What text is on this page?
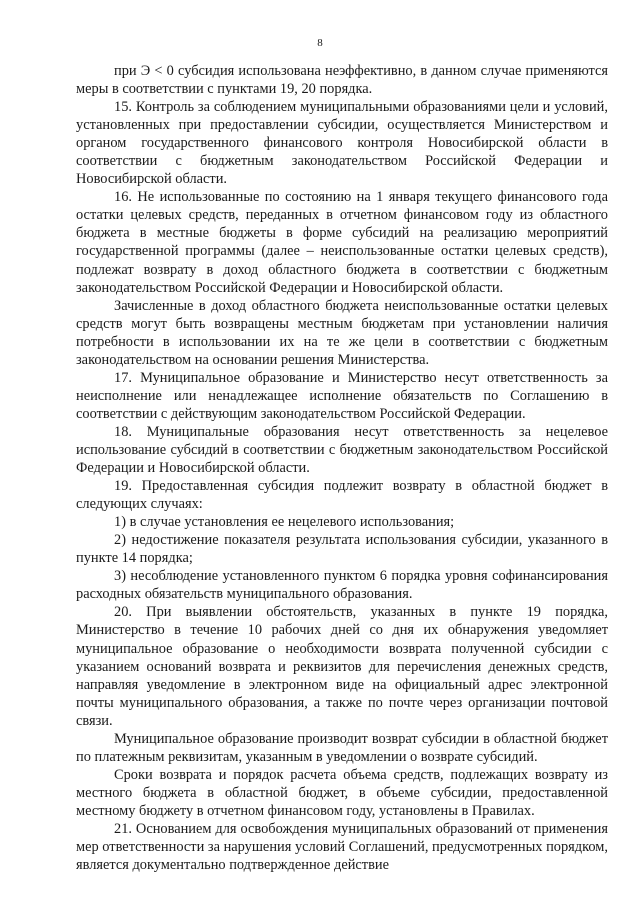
8

при Э < 0 субсидия использована неэффективно, в данном случае применяются меры в соответствии с пунктами 19, 20 порядка.

15. Контроль за соблюдением муниципальными образованиями цели и условий, установленных при предоставлении субсидии, осуществляется Министерством и органом государственного финансового контроля Новосибирской области в соответствии с бюджетным законодательством Российской Федерации и Новосибирской области.

16. Не использованные по состоянию на 1 января текущего финансового года остатки целевых средств, переданных в отчетном финансовом году из областного бюджета в местные бюджеты в форме субсидий на реализацию мероприятий государственной программы (далее – неиспользованные остатки целевых средств), подлежат возврату в доход областного бюджета в соответствии с бюджетным законодательством Российской Федерации и Новосибирской области.

Зачисленные в доход областного бюджета неиспользованные остатки целевых средств могут быть возвращены местным бюджетам при установлении наличия потребности в использовании их на те же цели в соответствии с бюджетным законодательством на основании решения Министерства.

17. Муниципальное образование и Министерство несут ответственность за неисполнение или ненадлежащее исполнение обязательств по Соглашению в соответствии с действующим законодательством Российской Федерации.

18. Муниципальные образования несут ответственность за нецелевое использование субсидий в соответствии с бюджетным законодательством Российской Федерации и Новосибирской области.

19. Предоставленная субсидия подлежит возврату в областной бюджет в следующих случаях:

1) в случае установления ее нецелевого использования;

2) недостижение показателя результата использования субсидии, указанного в пункте 14 порядка;

3) несоблюдение установленного пунктом 6 порядка уровня софинансирования расходных обязательств муниципального образования.

20. При выявлении обстоятельств, указанных в пункте 19 порядка, Министерство в течение 10 рабочих дней со дня их обнаружения уведомляет муниципальное образование о необходимости возврата полученной субсидии с указанием оснований возврата и реквизитов для перечисления денежных средств, направляя уведомление в электронном виде на официальный адрес электронной почты муниципального образования, а также по почте через организации почтовой связи.

Муниципальное образование производит возврат субсидии в областной бюджет по платежным реквизитам, указанным в уведомлении о возврате субсидий.

Сроки возврата и порядок расчета объема средств, подлежащих возврату из местного бюджета в областной бюджет, в объеме субсидии, предоставленной местному бюджету в отчетном финансовом году, установлены в Правилах.

21. Основанием для освобождения муниципальных образований от применения мер ответственности за нарушения условий Соглашений, предусмотренных порядком, является документально подтвержденное действие
